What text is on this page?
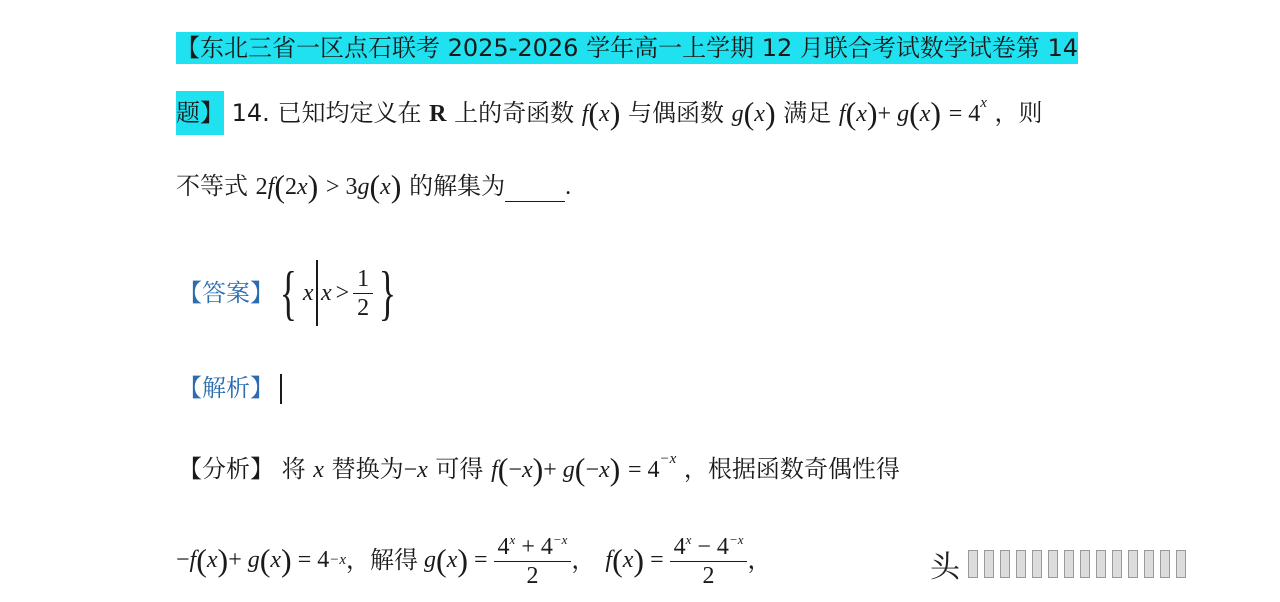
【东北三省一区点石联考 2025-2026 学年高一上学期 12 月联合考试数学试卷第 14
题】 14. 已知均定义在 R 上的奇函数 f(x) 与偶函数 g(x) 满足 $f(x)+ g(x) = 4^x$ ，则
不等式 2f(2x) > 3g(x) 的解集为	.
【答案】 { x $x > \frac{1}{2}$ }
【解析】
【分析】 将 x 替换为−x 可得 $f(-x)+ g(-x) = 4^{-x}$ ，根据函数奇偶性得
− f ( x ) + g ( x ) = 4 −x ，解得 g ( x ) = $\frac{4^x + 4^{-x}}{2}$ ， f ( x ) = $\frac{4^x - 4^{-x}}{2}$ ，	头
